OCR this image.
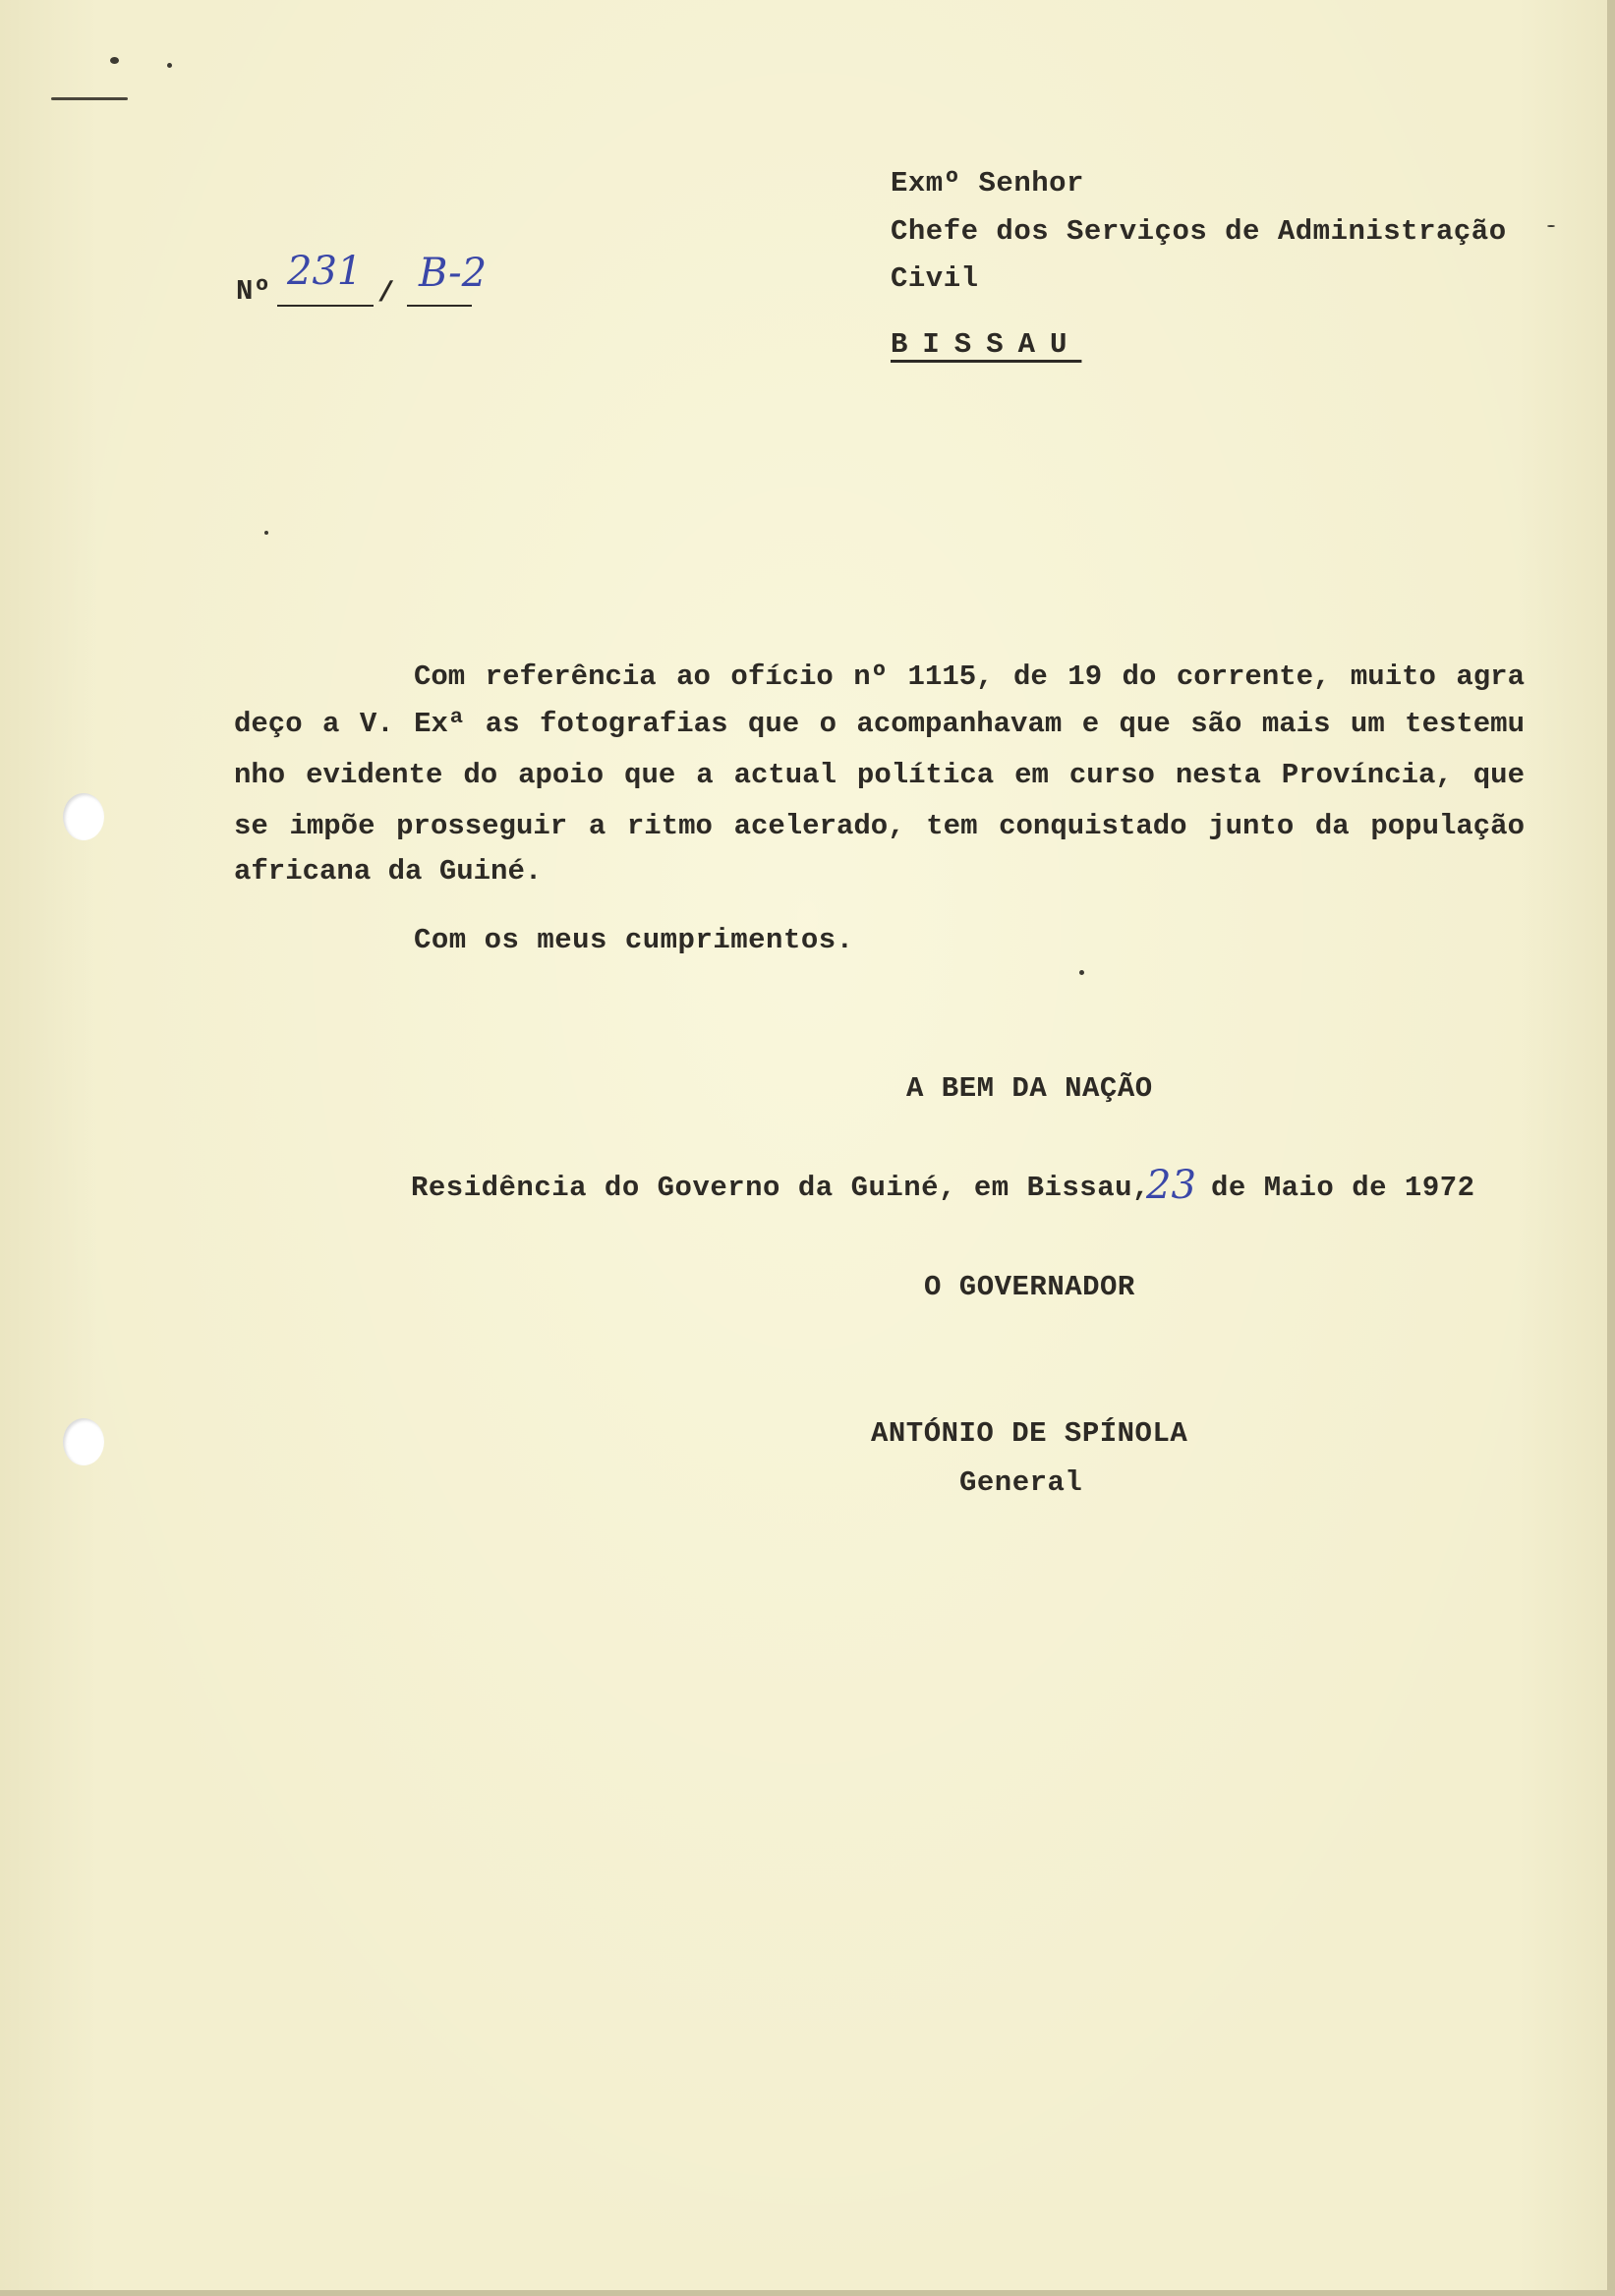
Exmº Senhor
Chefe dos Serviços de Administração
Civil
BISSAU
Nº 231 / B-2
Com referência ao ofício nº 1115, de 19 do corrente, muito agra
deço a V. Exª as fotografias que o acompanhavam e que são mais um testemu
nho evidente do apoio que a actual política em curso nesta Província, que
se impõe prosseguir a ritmo acelerado, tem conquistado junto da população
africana da Guiné.
Com os meus cumprimentos.
A BEM DA NAÇÃO
Residência do Governo da Guiné, em Bissau,
23 de Maio de 1972
O GOVERNADOR
ANTÓNIO DE SPÍNOLA
General
